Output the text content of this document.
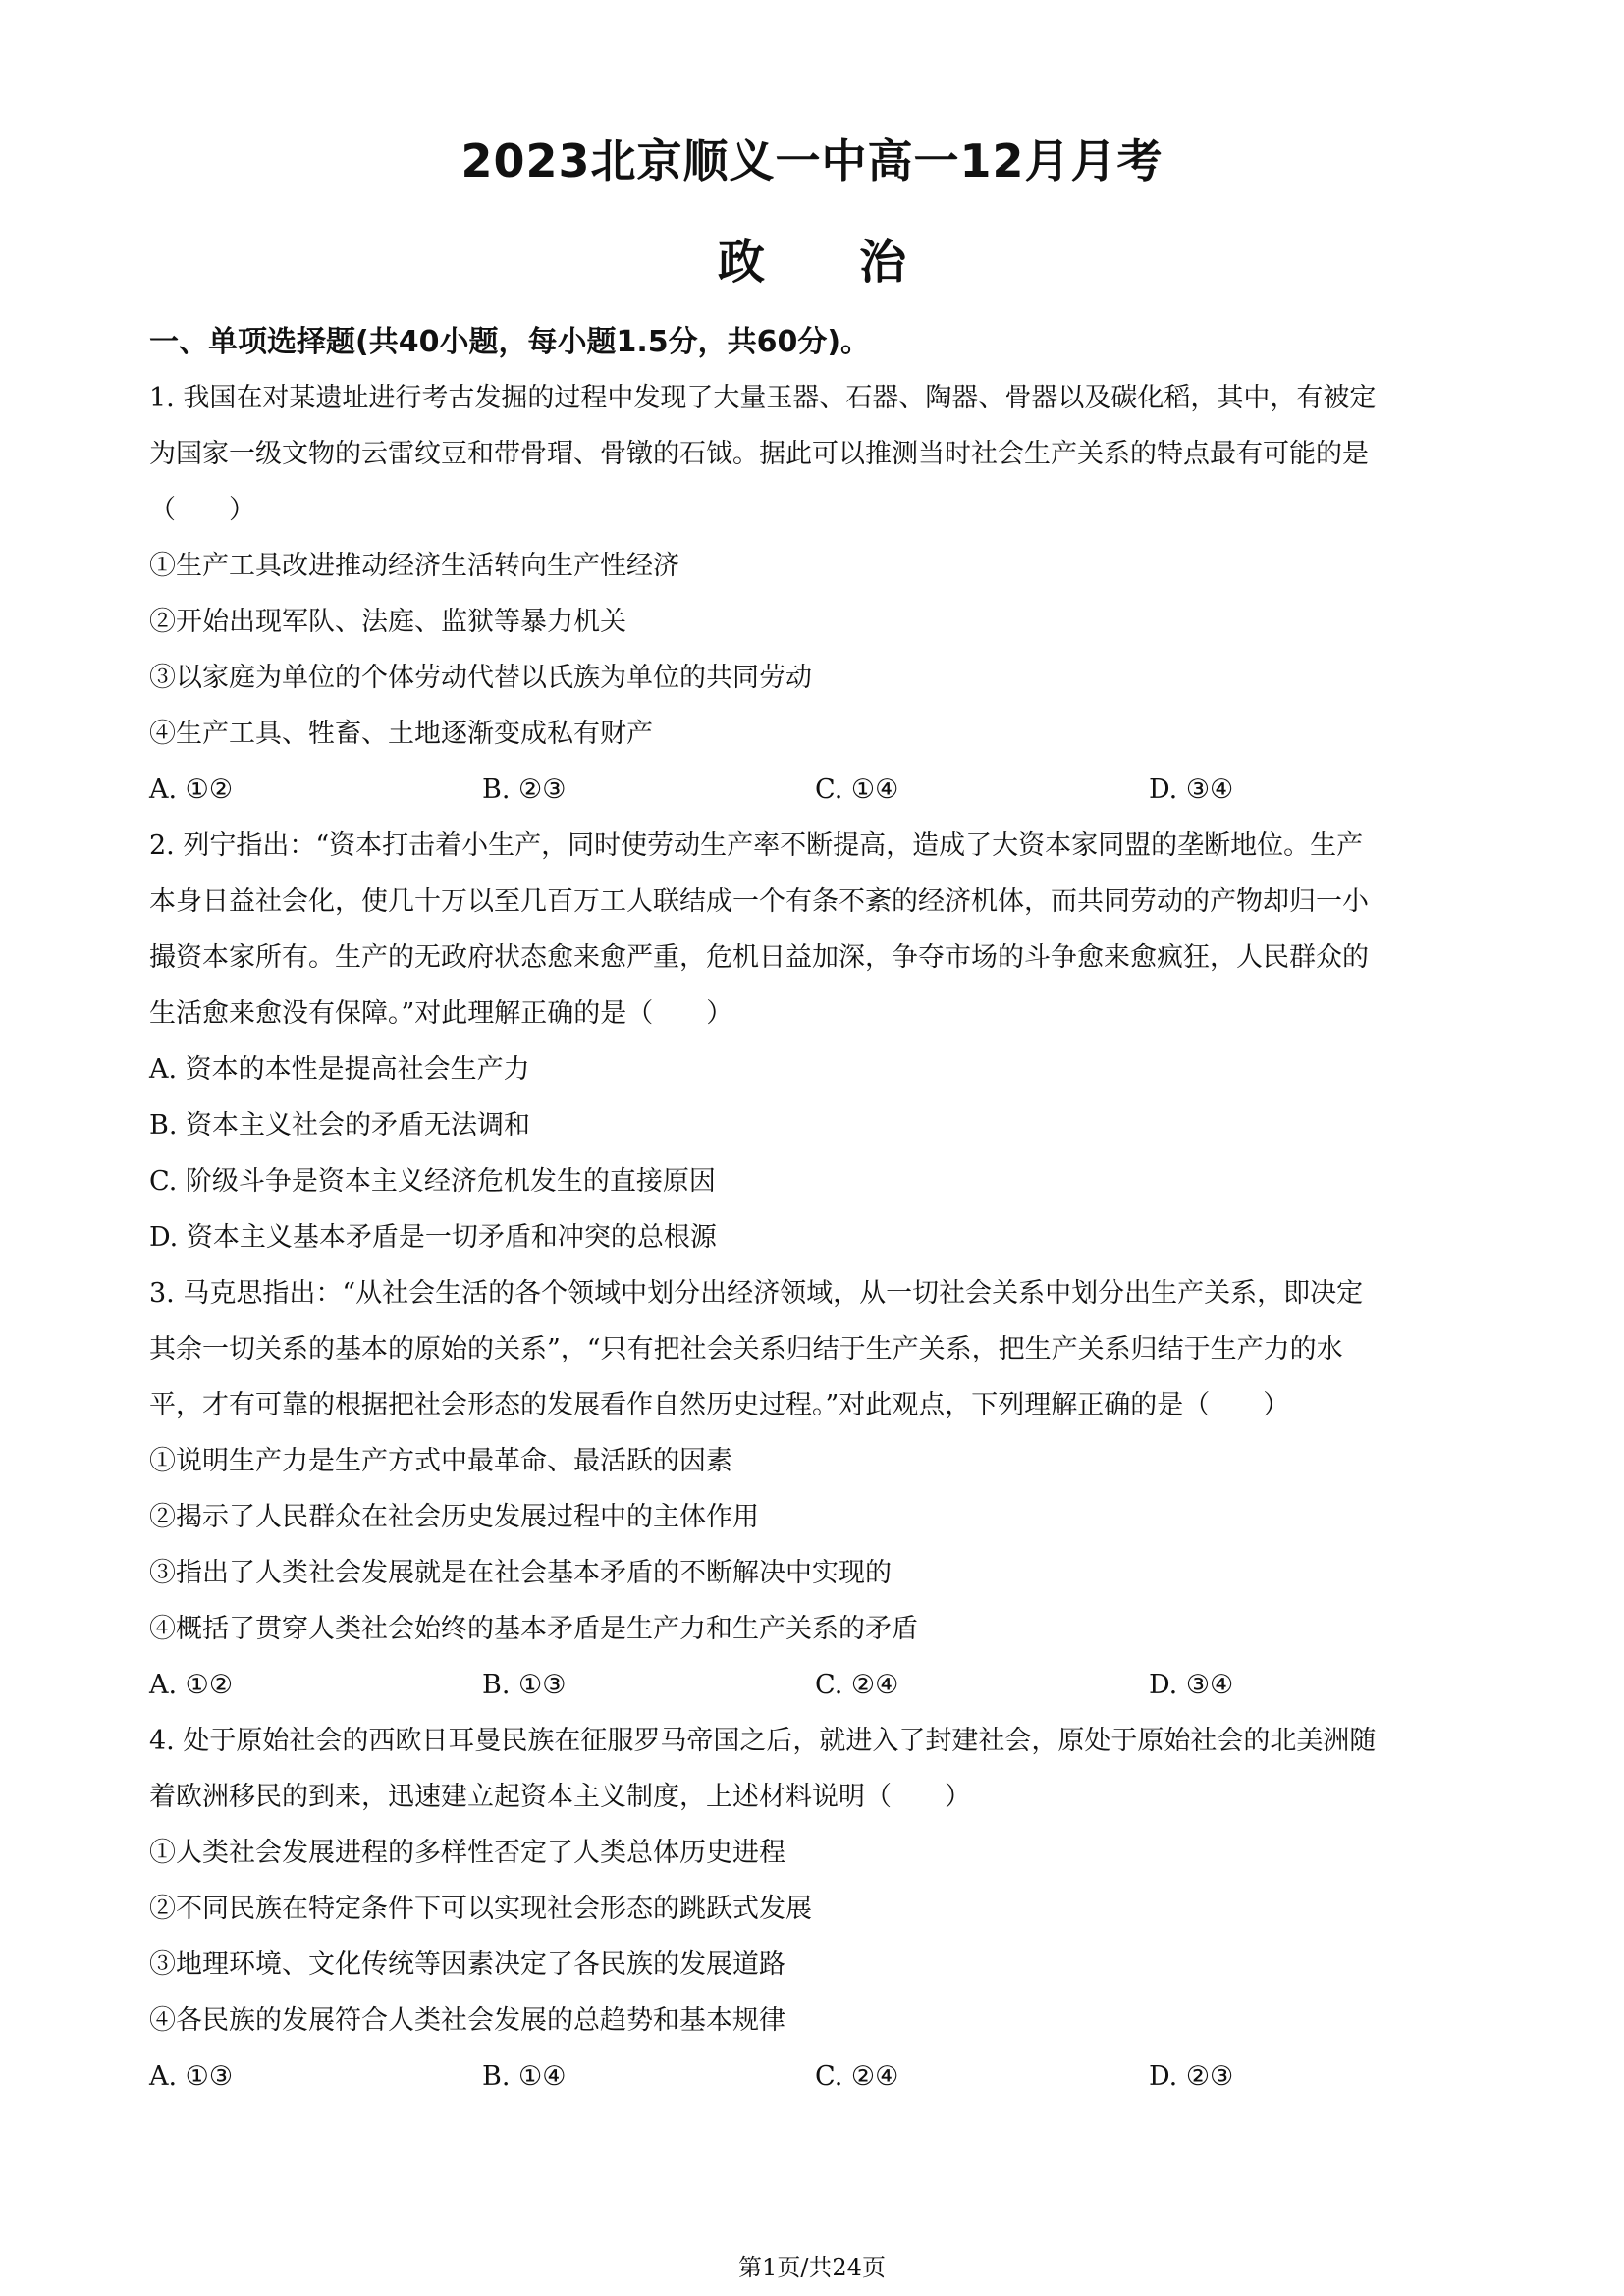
2023北京顺义一中高一12月月考
政　　治
一、单项选择题(共40小题，每小题1.5分，共60分)。
1. 我国在对某遗址进行考古发掘的过程中发现了大量玉器、石器、陶器、骨器以及碳化稻，其中，有被定
为国家一级文物的云雷纹豆和带骨瑁、骨镦的石钺。据此可以推测当时社会生产关系的特点最有可能的是
（　　）
①生产工具改进推动经济生活转向生产性经济
②开始出现军队、法庭、监狱等暴力机关
③以家庭为单位的个体劳动代替以氏族为单位的共同劳动
④生产工具、牲畜、土地逐渐变成私有财产
A. ①②	B. ②③	C. ①④	D. ③④
2. 列宁指出：“资本打击着小生产，同时使劳动生产率不断提高，造成了大资本家同盟的垄断地位。生产
本身日益社会化，使几十万以至几百万工人联结成一个有条不紊的经济机体，而共同劳动的产物却归一小
撮资本家所有。生产的无政府状态愈来愈严重，危机日益加深，争夺市场的斗争愈来愈疯狂，人民群众的
生活愈来愈没有保障。”对此理解正确的是（　　）
A. 资本的本性是提高社会生产力
B. 资本主义社会的矛盾无法调和
C. 阶级斗争是资本主义经济危机发生的直接原因
D. 资本主义基本矛盾是一切矛盾和冲突的总根源
3. 马克思指出：“从社会生活的各个领域中划分出经济领域，从一切社会关系中划分出生产关系，即决定
其余一切关系的基本的原始的关系”，“只有把社会关系归结于生产关系，把生产关系归结于生产力的水
平，才有可靠的根据把社会形态的发展看作自然历史过程。”对此观点，下列理解正确的是（　　）
①说明生产力是生产方式中最革命、最活跃的因素
②揭示了人民群众在社会历史发展过程中的主体作用
③指出了人类社会发展就是在社会基本矛盾的不断解决中实现的
④概括了贯穿人类社会始终的基本矛盾是生产力和生产关系的矛盾
A. ①②	B. ①③	C. ②④	D. ③④
4. 处于原始社会的西欧日耳曼民族在征服罗马帝国之后，就进入了封建社会，原处于原始社会的北美洲随
着欧洲移民的到来，迅速建立起资本主义制度，上述材料说明（　　）
①人类社会发展进程的多样性否定了人类总体历史进程
②不同民族在特定条件下可以实现社会形态的跳跃式发展
③地理环境、文化传统等因素决定了各民族的发展道路
④各民族的发展符合人类社会发展的总趋势和基本规律
A. ①③	B. ①④	C. ②④	D. ②③
第1页/共24页
